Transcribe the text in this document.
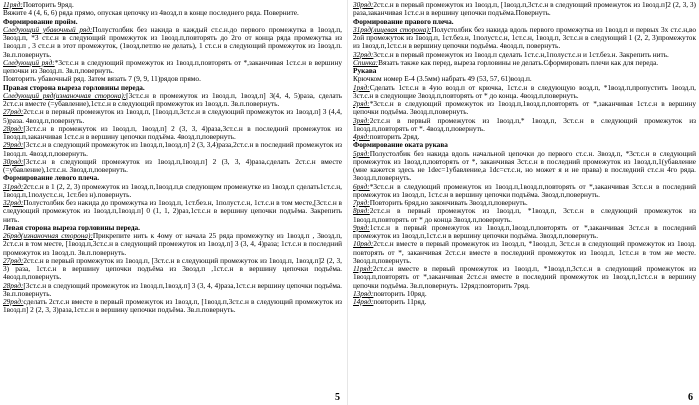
11ряд:Повторить 9ряд.

Вяжите 4 (4, 6, 6) ряда прямо, опуская цепочку из 4возд.п в конце последнего ряда. Поверните.

Формирование пройм.

Следующий убавочный ряд:Полустолбик без накида в каждый ст.с.н.до первого промежутка в 1возд.п, 3возд.п, *3 ст.с.н в следующий промежуток из 1возд.п,повторять до 2го от конца ряда промежутка из 1возд.п , 3 ст.с.н в этот промежуток, (1возд.петлю не делать), 1 ст.с.н в следующий промежуток из 1возд.п. Зв.п.повернуть.

Следующий ряд:*3ст.с.н в следующий промежуток из 1возд.п,повторять от *,заканчивая 1ст.с.н в вершину цепочки из 3возд.п. Зв.п,повернуть.

Повторить убавочный ряд. Затем вязать 7 (9, 9, 11)рядов прямо.

Правая сторона выреза горловины переда.

Следующий ряд(изнаночная сторона):[3ст.с.н в промежуток из 1возд.п, 1возд.п] 3(4, 4, 5)раза, сделать 2ст.с.н вместе (=убавление),1ст.с.н в следующий промежуток из 1возд.п. Зв.п.повернуть.

27ряд:2ст.с.н в первый промежуток из 1возд.п, [1возд.п,3ст.с.н в следующий промежуток из 1возд.п] 3 (4,4, 5)раза. 4возд.п,повернуть.

28ряд:[3ст.с.н в промежуток из 1возд.п, 1возд.п] 2 (3, 3, 4)раза,3ст.с.н в последний промежуток из 1возд.п,заканчивая 1ст.с.н в вершину цепочки подъёма. 4возд.п,повернуть.

29ряд:[3ст.с.н в следующий промежуток из 1возд.п,1возд.п] 2 (3, 3,4)раза,2ст.с.н в последний промежуток из 1возд.п. 4возд.п,повернуть.

30ряд:[3ст.с.н в следующий промежуток из 1возд.п,1возд.п] 2 (3, 3, 4)раза,сделать 2ст.с.н вместе (=убавление),1ст.с.н. 3возд.п,повернуть.

Формирование левого плеча.

31ряд:2ст.с.н в 1 (2, 2, 3) промежуток из 1возд.п,1возд.п,в следующем промежутке из 1возд.п сделать1ст.с.н, 1возд.п,1полуст.с.н, 1ст.без н).повернуть.

32ряд:Полустолбик без накида до промежутка из 1возд.п, 1ст.без.н, 1полуст.с.н, 1ст.с.н в том месте,[3ст.с.н в следующий промежуток из 1возд.п,1возд.п] 0 (1, 1, 2)раз,1ст.с.н в вершину цепочки подъёма. Закрепить нить.

Левая сторона выреза горловины переда.

26ряд(изнаночная сторона):Прикрепите нить к 4ому от начала 25 ряда промежутку из 1возд.п , 3возд.п, 2ст.с.н в том месте, [1возд.п,3ст.с.н в следующий промежуток из 1возд.п] 3 (3, 4, 4)раза; 1ст.с.н в последний промежуток из 1возд.п. Зв.п.повернуть.

27ряд:2ст.с.н в первый промежуток из 1возд.п, [3ст.с.н в следующий промежуток из 1возд.п, 1возд.п]2 (2, 3, 3) раза, 1ст.с.н в вершину цепочки подъёма из 3возд.п ,1ст.с.н в вершину цепочки подъёма. 4возд.п,повернуть.

28ряд:[3ст.с.н в следующий промежуток из 1возд.п,1возд.п] 3 (3, 4, 4)раза,1ст.с.н вершину цепочки подъёма. Зв.п.повернуть.

29ряд:сделать 2ст.с.н вместе в первый промежуток из 1возд.п, [1возд.п,3ст.с.н в следующий промежуток из 1возд.п] 2 (2, 3, 3)раза,1ст.с.н в вершину цепочки подъёма. Зв.п.повернуть.

5

30ряд:2ст.с.н в первый промежуток из 1возд.п, [1возд.п,3ст.с.н в следующий промежуток из 1возд.п]2 (2, 3, 3) раза,заканчивая 1ст.с.н в вершину цепочки подъёма.Повернуть.

Формирование правого плеча.

31ряд(лицевая сторона):Полустолбик без накида вдоль первого промежутка из 1возд.п и первых 3х ст.с.н,во 2ой промежуток из 1возд.п, 1ст.без.н, 1полуст.с.н, 1ст.с.н, 1возд.п, 3ст.с.н в следующий 1 (2, 2, 3)промежуток из 1возд.п,1ст.с.н в вершину цепочки подъёма. 4возд.п, повернуть.

32ряд:3ст.с.н в первый промежуток из 1возд.п сделать 1ст.с.н,1полуст.с.н и 1ст.без.н. Закрепить нить.

Спинка:Вязать также как перед, выреза горловины не делать.Сформировать плечи как для переда.

Рукава

Крючком номер Е-4 (3.5мм) набрать 49 (53, 57, 61)возд.п.

1ряд:Сделать 1ст.с.н в 4ую возд.п от крючка, 1ст.с.н в следующую возд.п, *1возд.п,пропустить 1возд.п, 3ст.с.н в следующие 3возд.п,повторять от * до конца. 4возд.п,повернуть.

2ряд:*3ст.с.н в следующий промежуток из 1возд.п,1возд.п,повторять от *,заканчивая 1ст.с.н в вершину цепочки подъёма. 3возд.п,повернуть.

3ряд:2ст.с.н в первый промежуток из 1возд.п,* 1возд.п, 3ст.с.н в следующий промежуток из 1возд.п,повторять от *. 4возд.п,повернуть.

4ряд:повторить 2ряд.

Формирование оката рукава

5ряд:Полустолбик без накида вдоль начальной цепочки до первого ст.с.н. 3возд.п, *3ст.с.н в следующий промежуток из 1возд.п,повторять от *, заканчивая 3ст.с.н в последний промежуток из 1возд.п,1(убавление (мне кажется здесь не 1dec=1убавление,а 1dc=ст.с.н, но может я и не права) в последний ст.с.н 4го ряда. 3возд.п,повернуть.

6ряд:*3ст.с.н в следующий промежуток из 1возд.п,1возд.п,повторять от *,заканчивая 3ст.с.н в последний промежуток из 1возд.п, 1ст.с.н в вершину цепочки подъёма. 3возд.п,повернуть.

7ряд:Повторить 6ряд,но закончивать 3возд.п,повернуть.

8ряд:2ст.с.н в первый промежуток из 1возд.п, *1возд.п, 3ст.с.н в следующий промежуток из 1возд.п,повторять от * до конца 3возд.п,повернуть.

9ряд:1ст.с.н в первый промежуток из 1возд.п,1возд.п,повторять от *,заканчивая 3ст.с.н в последний промежуток из 1возд.п,1ст.с.н в вершину цепочки подъёма. 3возд.п,повернуть.

10ряд:2ст.с.н вместе в первый промежуток из 1возд.п, *1возд.п, 3ст.с.н в следующий промежуток из 1возд. повторять от *, заканчивая 2ст.с.н вместе в последний промежуток из 1возд.п, 1ст.с.н в том же месте. 3возд.п,повернуть.

11ряд:2ст.с.н вместе в первый промежуток из 1возд.п, *1возд.п,3ст.с.н в следующий промежуток из 1возд.п,повторять от *,заканчивая 2ст.с.н вместе в последний промежуток из 1возд.п,1ст.с.н в вершину цепочки подъёма. Зв.п,повернуть. 12ряд:повторить 7ряд.

13ряд:повторить 10ряд.

14ряд:повторить 11ряд.

6
